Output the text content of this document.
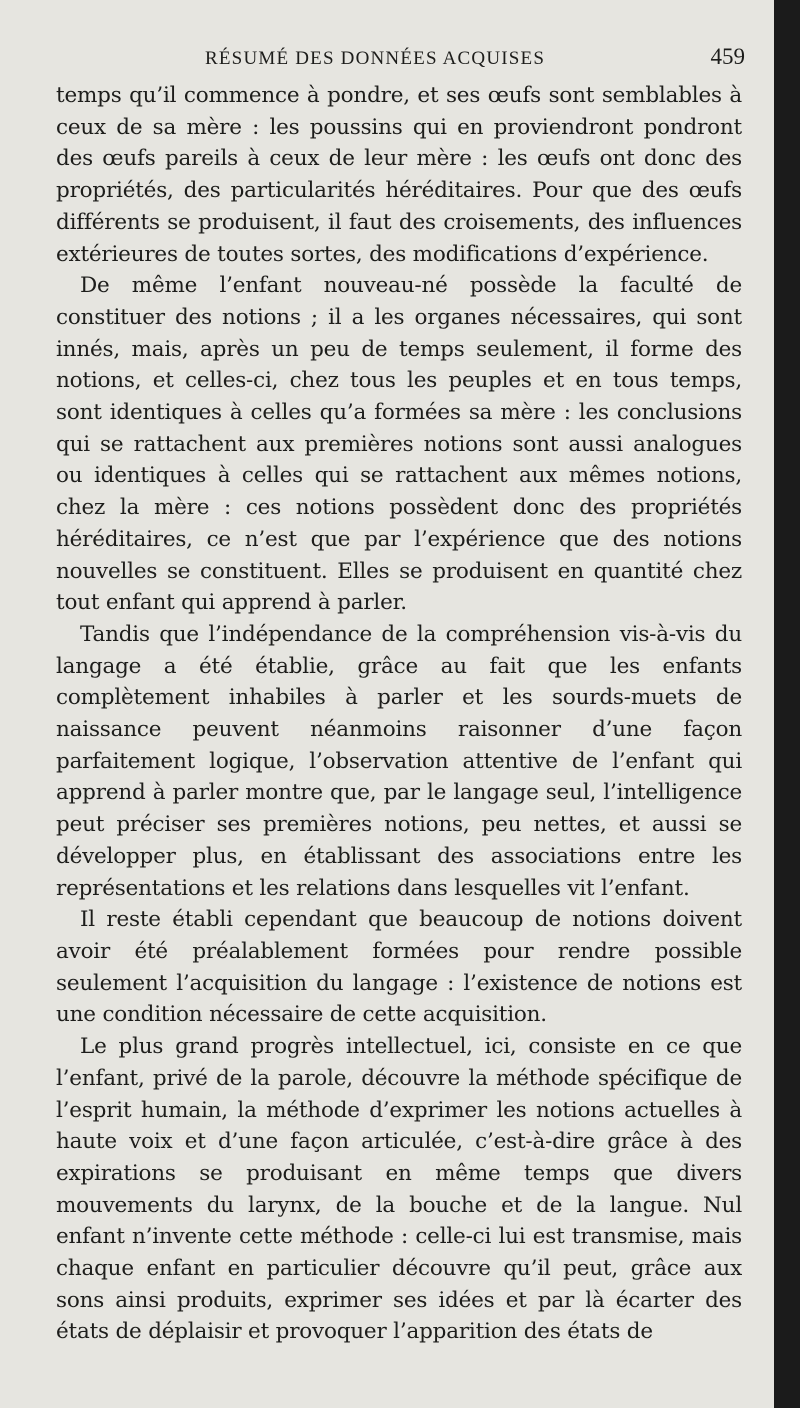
RÉSUMÉ DES DONNÉES ACQUISES	459

temps qu’il commence à pondre, et ses œufs sont semblables à ceux de sa mère : les poussins qui en proviendront pondront des œufs pareils à ceux de leur mère : les œufs ont donc des propriétés, des particularités héréditaires. Pour que des œufs différents se produisent, il faut des croisements, des influences extérieures de toutes sortes, des modifications d’expérience.

De même l’enfant nouveau-né possède la faculté de constituer des notions ; il a les organes nécessaires, qui sont innés, mais, après un peu de temps seulement, il forme des notions, et celles-ci, chez tous les peuples et en tous temps, sont identiques à celles qu’a formées sa mère : les conclusions qui se rattachent aux premières notions sont aussi analogues ou identiques à celles qui se rattachent aux mêmes notions, chez la mère : ces notions possèdent donc des propriétés héréditaires, ce n’est que par l’expérience que des notions nouvelles se constituent. Elles se produisent en quantité chez tout enfant qui apprend à parler.

Tandis que l’indépendance de la compréhension vis-à-vis du langage a été établie, grâce au fait que les enfants complètement inhabiles à parler et les sourds-muets de naissance peuvent néanmoins raisonner d’une façon parfaitement logique, l’observation attentive de l’enfant qui apprend à parler montre que, par le langage seul, l’intelligence peut préciser ses premières notions, peu nettes, et aussi se développer plus, en établissant des associations entre les représentations et les relations dans lesquelles vit l’enfant.

Il reste établi cependant que beaucoup de notions doivent avoir été préalablement formées pour rendre possible seulement l’acquisition du langage : l’existence de notions est une condition nécessaire de cette acquisition.

Le plus grand progrès intellectuel, ici, consiste en ce que l’enfant, privé de la parole, découvre la méthode spécifique de l’esprit humain, la méthode d’exprimer les notions actuelles à haute voix et d’une façon articulée, c’est-à-dire grâce à des expirations se produisant en même temps que divers mouvements du larynx, de la bouche et de la langue. Nul enfant n’invente cette méthode : celle-ci lui est transmise, mais chaque enfant en particulier découvre qu’il peut, grâce aux sons ainsi produits, exprimer ses idées et par là écarter des états de déplaisir et provoquer l’apparition des états de
